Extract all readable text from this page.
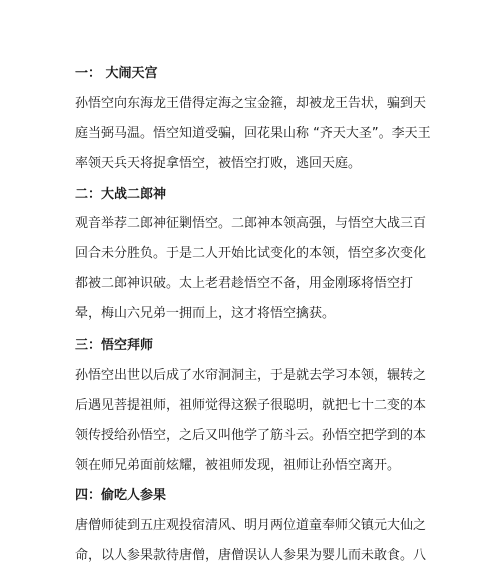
一： 大闹天宫
孙悟空向东海龙王借得定海之宝金箍，却被龙王告状，骗到天
庭当弼马温。悟空知道受骗，回花果山称 “齐天大圣”。李天王
率领天兵天将捉拿悟空，被悟空打败，逃回天庭。
二：大战二郎神
观音举荐二郎神征剿悟空。二郎神本领高强，与悟空大战三百
回合未分胜负。于是二人开始比试变化的本领，悟空多次变化
都被二郎神识破。太上老君趁悟空不备，用金刚琢将悟空打
晕，梅山六兄弟一拥而上，这才将悟空擒获。
三：悟空拜师
孙悟空出世以后成了水帘洞洞主，于是就去学习本领，辗转之
后遇见菩提祖师，祖师觉得这猴子很聪明，就把七十二变的本
领传授给孙悟空，之后又叫他学了筋斗云。孙悟空把学到的本
领在师兄弟面前炫耀，被祖师发现，祖师让孙悟空离开。
四：偷吃人参果
唐僧师徒到五庄观投宿清风、明月两位道童奉师父镇元大仙之
命，以人参果款待唐僧，唐僧误认人参果为婴儿而未敢食。八
